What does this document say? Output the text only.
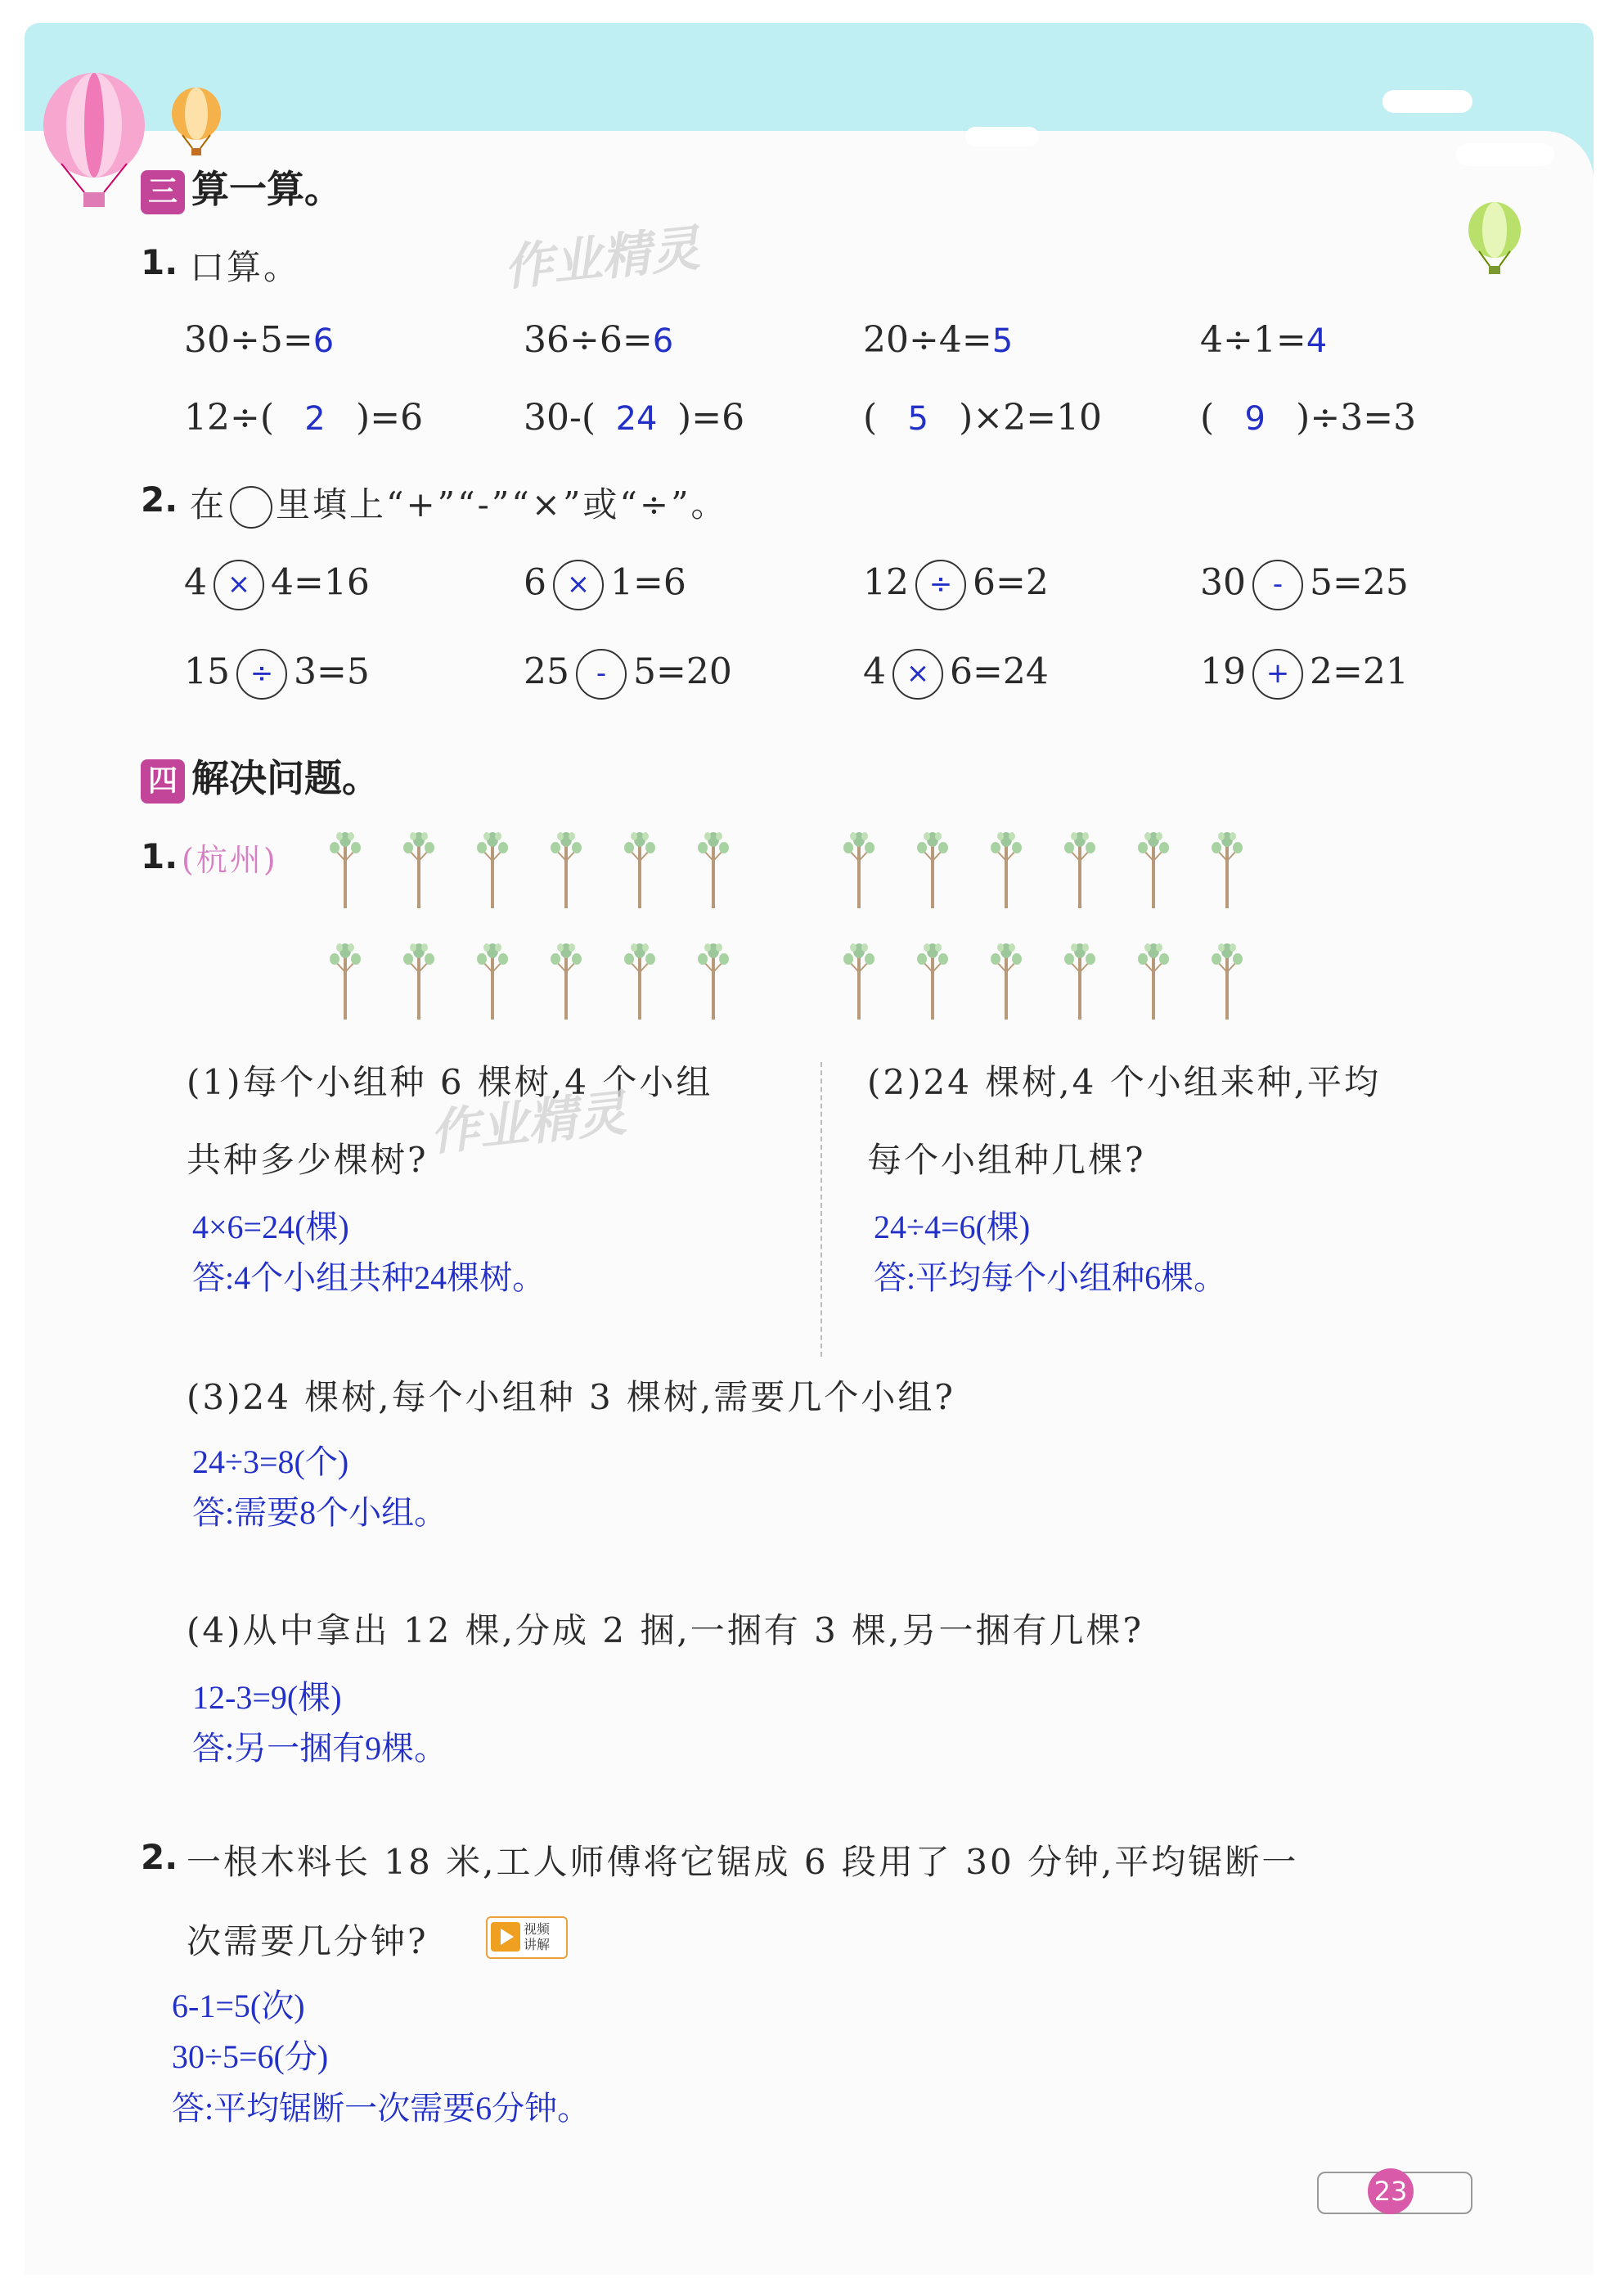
三 算一算。
1. 口算。	作业精灵
30÷5=6	36÷6=6	20÷4=5	4÷1=4
12÷( 2 )=6	30-( 24 )=6	( 5 )×2=10	( 9 )÷3=3
2. 在 里填上“+”“-”“×”或“÷”。
4 × 4=16	6 × 1=6	12 ÷ 6=2	30 - 5=25
15 ÷ 3=5	25 - 5=20	4 × 6=24	19 + 2=21
四 解决问题。
1. (杭州)
(1)每个小组种 6 棵树,4 个小组
共种多少棵树?
4×6=24(棵)
答:4个小组共种24棵树。
作业精灵
(2)24 棵树,4 个小组来种,平均
每个小组种几棵?
24÷4=6(棵)
答:平均每个小组种6棵。
(3)24 棵树,每个小组种 3 棵树,需要几个小组?
24÷3=8(个)
答:需要8个小组。
(4)从中拿出 12 棵,分成 2 捆,一捆有 3 棵,另一捆有几棵?
12-3=9(棵)
答:另一捆有9棵。
2. 一根木料长 18 米,工人师傅将它锯成 6 段用了 30 分钟,平均锯断一
次需要几分钟?	视频
讲解
6-1=5(次)
30÷5=6(分)
答:平均锯断一次需要6分钟。
23
